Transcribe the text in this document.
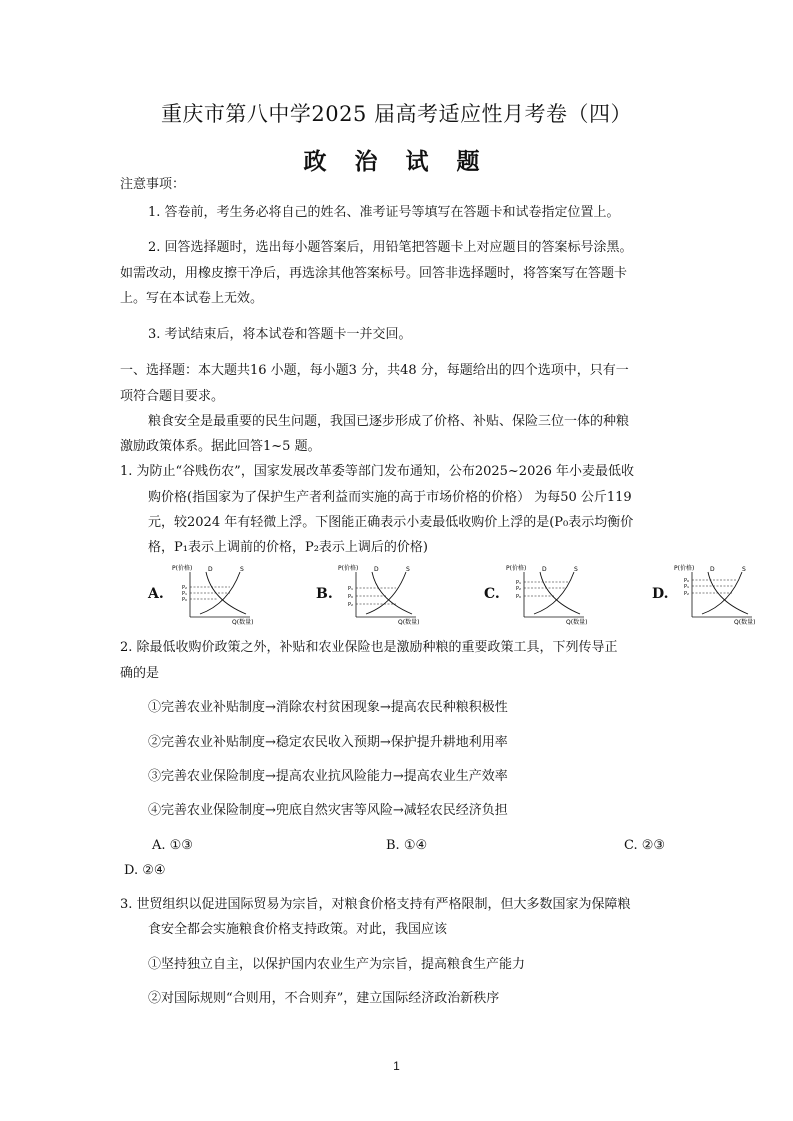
重庆市第八中学2025 届高考适应性月考卷（四）
政 治 试 题
注意事项：
1. 答卷前，考生务必将自己的姓名、准考证号等填写在答题卡和试卷指定位置上。
2. 回答选择题时，选出每小题答案后，用铅笔把答题卡上对应题目的答案标号涂黑。
如需改动，用橡皮擦干净后，再选涂其他答案标号。回答非选择题时，将答案写在答题卡
上。写在本试卷上无效。
3. 考试结束后，将本试卷和答题卡一并交回。
一、选择题：本大题共16 小题，每小题3 分，共48 分，每题给出的四个选项中，只有一
项符合题目要求。
粮食安全是最重要的民生问题，我国已逐步形成了价格、补贴、保险三位一体的种粮
激励政策体系。据此回答1~5 题。
1. 为防止“谷贱伤农”，国家发展改革委等部门发布通知，公布2025~2026 年小麦最低收
购价格(指国家为了保护生产者利益而实施的高于市场价格的价格） 为每50 公斤119
元，较2024 年有轻微上浮。下图能正确表示小麦最低收购价上浮的是(P₀表示均衡价
格，P₁表示上调前的价格，P₂表示上调后的价格)
A.
P(价格)	D	S
P₂
P₁
P₀
Q(数量)
B.
P(价格)	D	S
P₁
P₀
P₂
Q(数量)
C.
P(价格)	D	S
P₁
P₂
P₀
Q(数量)
D.
P(价格)	D	S
P₀
P₁
P₂
Q(数量)
2. 除最低收购价政策之外，补贴和农业保险也是激励种粮的重要政策工具，下列传导正
确的是
①完善农业补贴制度→消除农村贫困现象→提高农民种粮积极性
②完善农业补贴制度→稳定农民收入预期→保护提升耕地利用率
③完善农业保险制度→提高农业抗风险能力→提高农业生产效率
④完善农业保险制度→兜底自然灾害等风险→减轻农民经济负担
A. ①③	B. ①④	C. ②③
D. ②④
3. 世贸组织以促进国际贸易为宗旨，对粮食价格支持有严格限制，但大多数国家为保障粮
食安全都会实施粮食价格支持政策。对此，我国应该
①坚持独立自主，以保护国内农业生产为宗旨，提高粮食生产能力
②对国际规则“合则用，不合则弃”，建立国际经济政治新秩序
1
